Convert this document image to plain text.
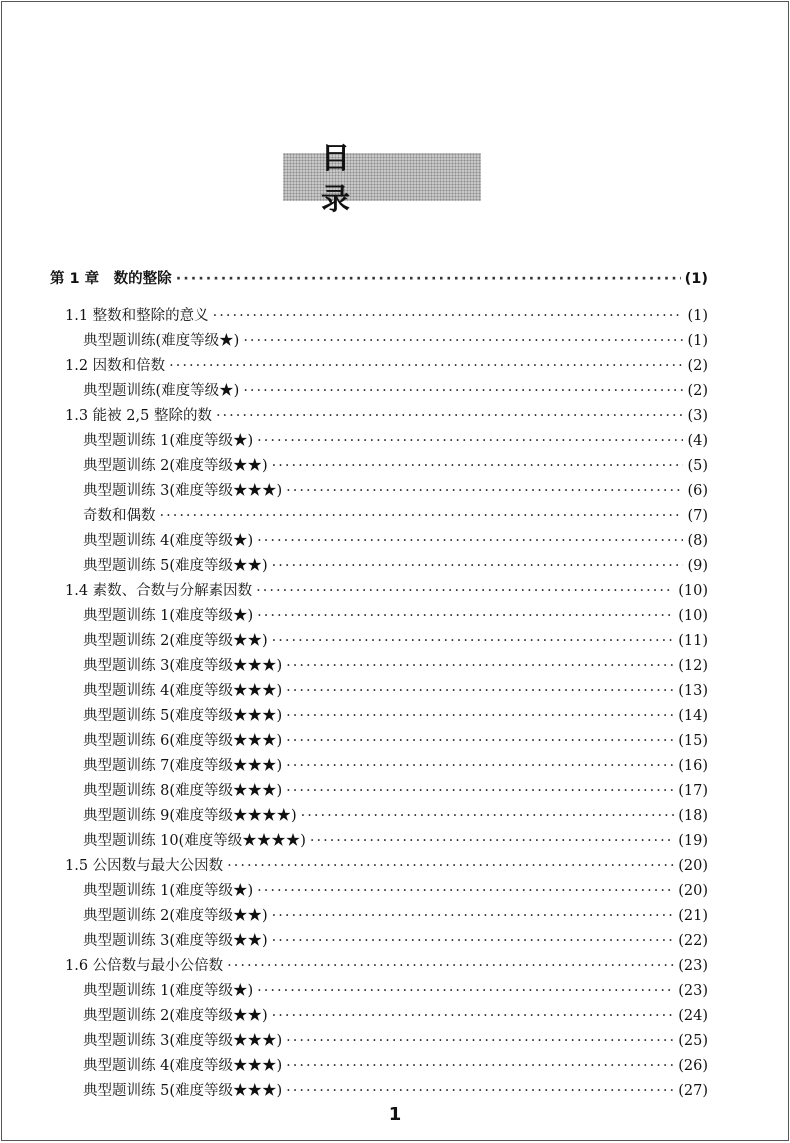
目 录
第 1 章　数的整除 ·····	(1)
1.1 整数和整除的意义 ·····	(1)
典型题训练(难度等级★) ·····	(1)
1.2 因数和倍数 ·····	(2)
典型题训练(难度等级★) ·····	(2)
1.3 能被 2,5 整除的数 ·····	(3)
典型题训练 1(难度等级★) ·····	(4)
典型题训练 2(难度等级★★) ·····	(5)
典型题训练 3(难度等级★★★) ·····	(6)
奇数和偶数 ·····	(7)
典型题训练 4(难度等级★) ·····	(8)
典型题训练 5(难度等级★★) ·····	(9)
1.4 素数、合数与分解素因数 ·····	(10)
典型题训练 1(难度等级★) ·····	(10)
典型题训练 2(难度等级★★) ·····	(11)
典型题训练 3(难度等级★★★) ·····	(12)
典型题训练 4(难度等级★★★) ·····	(13)
典型题训练 5(难度等级★★★) ·····	(14)
典型题训练 6(难度等级★★★) ·····	(15)
典型题训练 7(难度等级★★★) ·····	(16)
典型题训练 8(难度等级★★★) ·····	(17)
典型题训练 9(难度等级★★★★) ·····	(18)
典型题训练 10(难度等级★★★★) ·····	(19)
1.5 公因数与最大公因数 ·····	(20)
典型题训练 1(难度等级★) ·····	(20)
典型题训练 2(难度等级★★) ·····	(21)
典型题训练 3(难度等级★★) ·····	(22)
1.6 公倍数与最小公倍数 ·····	(23)
典型题训练 1(难度等级★) ·····	(23)
典型题训练 2(难度等级★★) ·····	(24)
典型题训练 3(难度等级★★★) ·····	(25)
典型题训练 4(难度等级★★★) ·····	(26)
典型题训练 5(难度等级★★★) ·····	(27)
1
